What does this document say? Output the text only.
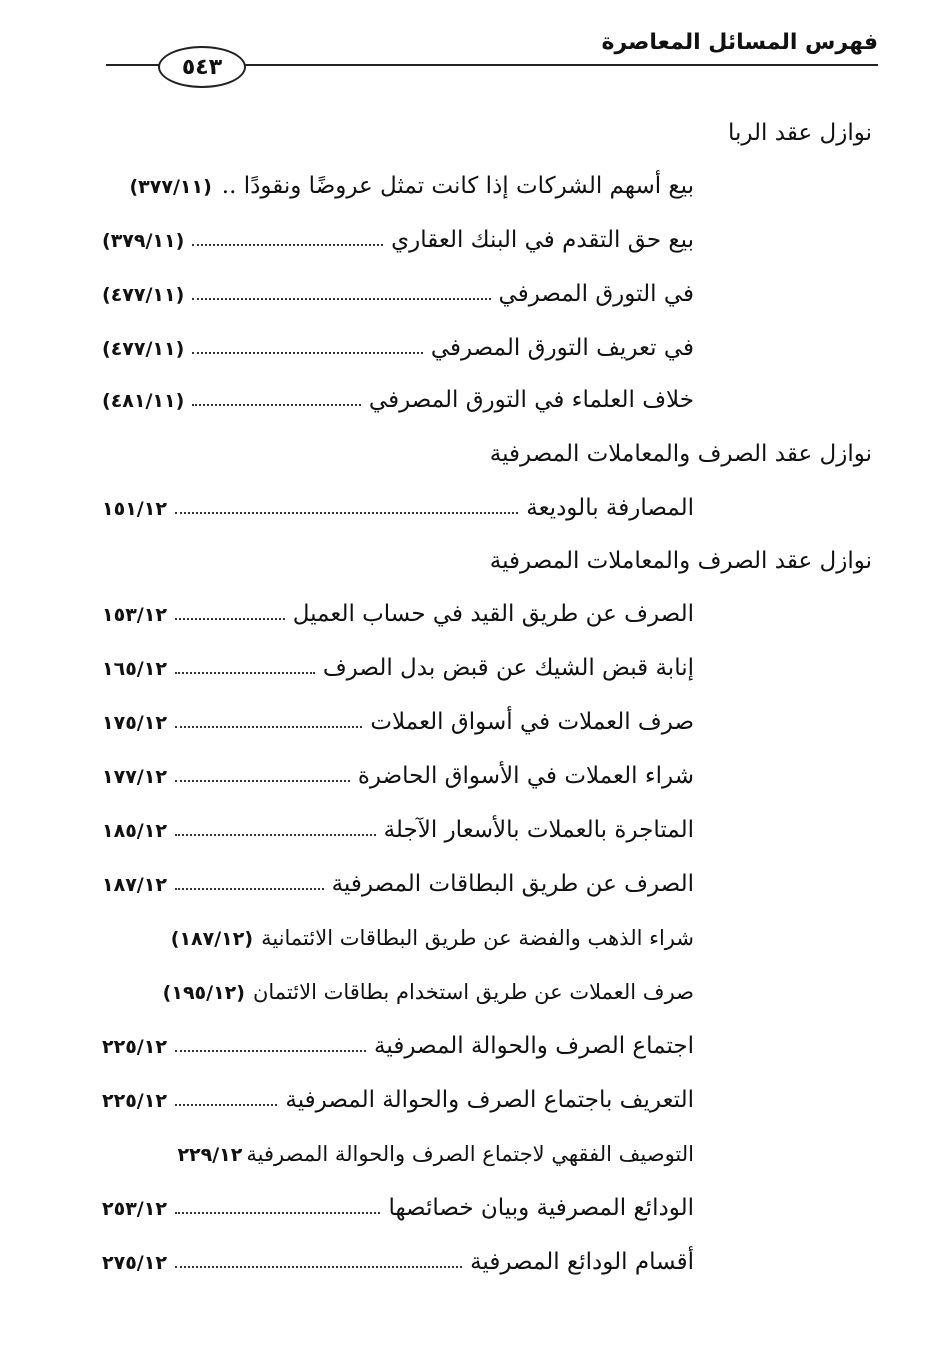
فهرس المسائل المعاصرة
٥٤٣
نوازل عقد الربا
بيع أسهم الشركات إذا كانت تمثل عروضًا ونقودًا ..
(٣٧٧/١١)
بيع حق التقدم في البنك العقاري
(٣٧٩/١١)
في التورق المصرفي
(٤٧٧/١١)
في تعريف التورق المصرفي
(٤٧٧/١١)
خلاف العلماء في التورق المصرفي
(٤٨١/١١)
نوازل عقد الصرف والمعاملات المصرفية
المصارفة بالوديعة
١٥١/١٢
نوازل عقد الصرف والمعاملات المصرفية
الصرف عن طريق القيد في حساب العميل
١٥٣/١٢
إنابة قبض الشيك عن قبض بدل الصرف
١٦٥/١٢
صرف العملات في أسواق العملات
١٧٥/١٢
شراء العملات في الأسواق الحاضرة
١٧٧/١٢
المتاجرة بالعملات بالأسعار الآجلة
١٨٥/١٢
الصرف عن طريق البطاقات المصرفية
١٨٧/١٢
شراء الذهب والفضة عن طريق البطاقات الائتمانية
(١٨٧/١٢)
صرف العملات عن طريق استخدام بطاقات الائتمان
(١٩٥/١٢)
اجتماع الصرف والحوالة المصرفية
٢٢٥/١٢
التعريف باجتماع الصرف والحوالة المصرفية
٢٢٥/١٢
التوصيف الفقهي لاجتماع الصرف والحوالة المصرفية
٢٢٩/١٢
الودائع المصرفية وبيان خصائصها
٢٥٣/١٢
أقسام الودائع المصرفية
٢٧٥/١٢
